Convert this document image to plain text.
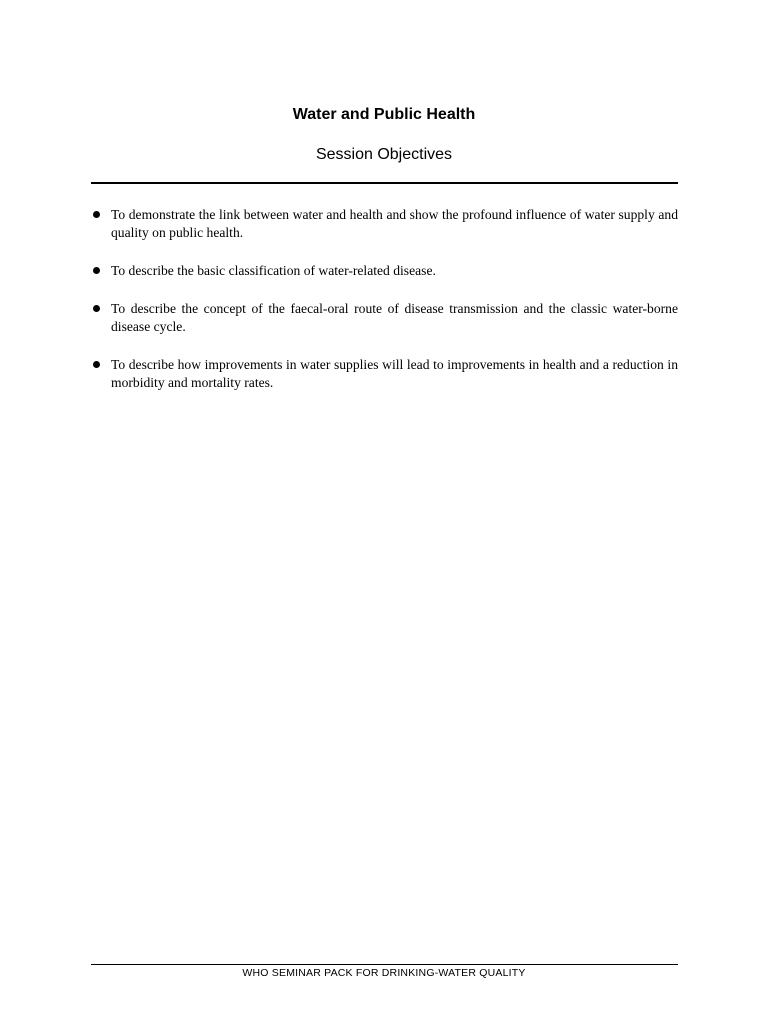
Water and Public Health
Session Objectives
To demonstrate the link between water and health and show the profound influence of water supply and quality on public health.
To describe the basic classification of water-related disease.
To describe the concept of the faecal-oral route of disease transmission and the classic water-borne disease cycle.
To describe how improvements in water supplies will lead to improvements in health and a reduction in morbidity and mortality rates.
WHO SEMINAR PACK FOR DRINKING-WATER QUALITY
